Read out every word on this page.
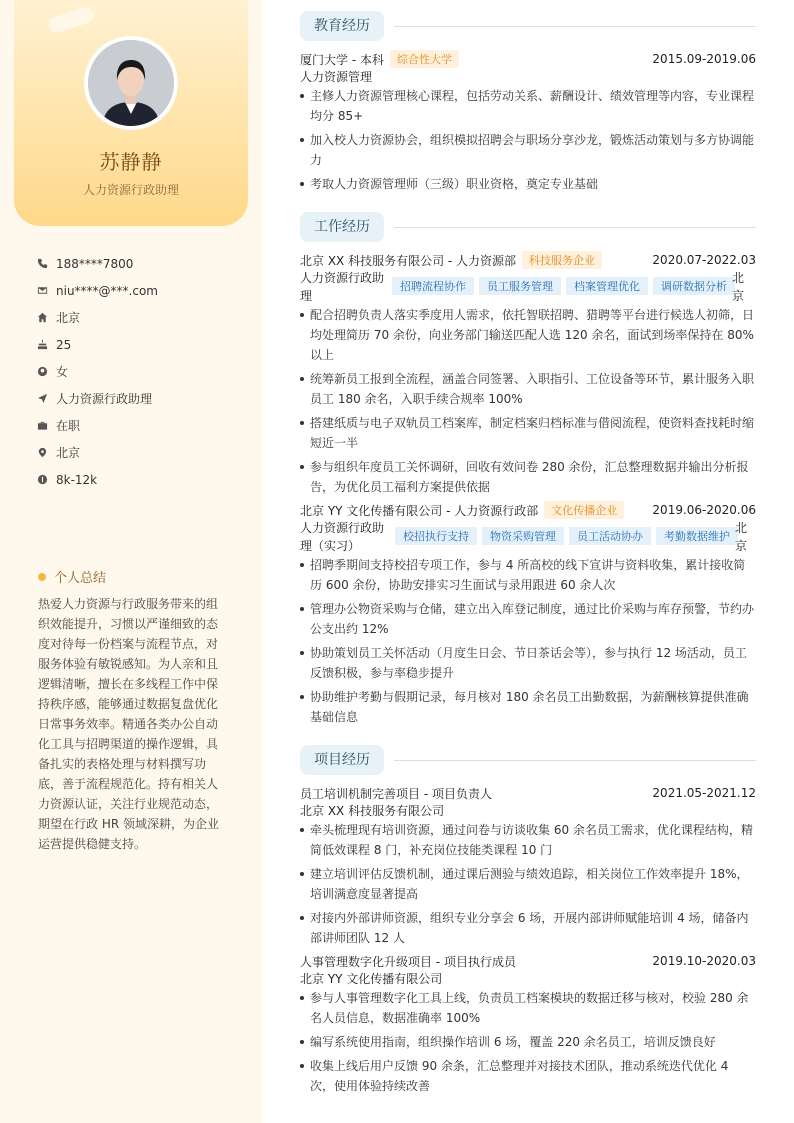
苏静静
人力资源行政助理
188****7800
niu****@***.com
北京
25
女
人力资源行政助理
在职
北京
8k-12k
个人总结
热爱人力资源与行政服务带来的组织效能提升，习惯以严谨细致的态度对待每一份档案与流程节点，对服务体验有敏锐感知。为人亲和且逻辑清晰，擅长在多线程工作中保持秩序感，能够通过数据复盘优化日常事务效率。精通各类办公自动化工具与招聘渠道的操作逻辑，具备扎实的表格处理与材料撰写功底，善于流程规范化。持有相关人力资源认证，关注行业规范动态，期望在行政 HR 领域深耕，为企业运营提供稳健支持。
教育经历
厦门大学 - 本科	综合性大学	2015.09-2019.06
人力资源管理
主修人力资源管理核心课程，包括劳动关系、薪酬设计、绩效管理等内容，专业课程均分 85+
加入校人力资源协会，组织模拟招聘会与职场分享沙龙，锻炼活动策划与多方协调能力
考取人力资源管理师（三级）职业资格，奠定专业基础
工作经历
北京 XX 科技服务有限公司 - 人力资源部	科技服务企业	2020.07-2022.03
人力资源行政助理
招聘流程协作	员工服务管理	档案管理优化	调研数据分析
北京
配合招聘负责人落实季度用人需求，依托智联招聘、猎聘等平台进行候选人初筛，日均处理简历 70 余份，向业务部门输送匹配人选 120 余名，面试到场率保持在 80% 以上
统筹新员工报到全流程，涵盖合同签署、入职指引、工位设备等环节，累计服务入职员工 180 余名，入职手续合规率 100%
搭建纸质与电子双轨员工档案库，制定档案归档标准与借阅流程，使资料查找耗时缩短近一半
参与组织年度员工关怀调研，回收有效问卷 280 余份，汇总整理数据并输出分析报告，为优化员工福利方案提供依据
北京 YY 文化传播有限公司 - 人力资源行政部	文化传播企业	2019.06-2020.06
人力资源行政助理（实习）
校招执行支持	物资采购管理	员工活动协办	考勤数据维护
北京
招聘季期间支持校招专项工作，参与 4 所高校的线下宣讲与资料收集，累计接收简历 600 余份，协助安排实习生面试与录用跟进 60 余人次
管理办公物资采购与仓储，建立出入库登记制度，通过比价采购与库存预警，节约办公支出约 12%
协助策划员工关怀活动（月度生日会、节日茶话会等），参与执行 12 场活动，员工反馈积极，参与率稳步提升
协助维护考勤与假期记录，每月核对 180 余名员工出勤数据，为薪酬核算提供准确基础信息
项目经历
员工培训机制完善项目 - 项目负责人	2021.05-2021.12
北京 XX 科技服务有限公司
牵头梳理现有培训资源，通过问卷与访谈收集 60 余名员工需求，优化课程结构，精简低效课程 8 门，补充岗位技能类课程 10 门
建立培训评估反馈机制，通过课后测验与绩效追踪，相关岗位工作效率提升 18%，培训满意度显著提高
对接内外部讲师资源，组织专业分享会 6 场，开展内部讲师赋能培训 4 场，储备内部讲师团队 12 人
人事管理数字化升级项目 - 项目执行成员	2019.10-2020.03
北京 YY 文化传播有限公司
参与人事管理数字化工具上线，负责员工档案模块的数据迁移与核对，校验 280 余名人员信息，数据准确率 100%
编写系统使用指南，组织操作培训 6 场，覆盖 220 余名员工，培训反馈良好
收集上线后用户反馈 90 余条，汇总整理并对接技术团队，推动系统迭代优化 4 次，使用体验持续改善
